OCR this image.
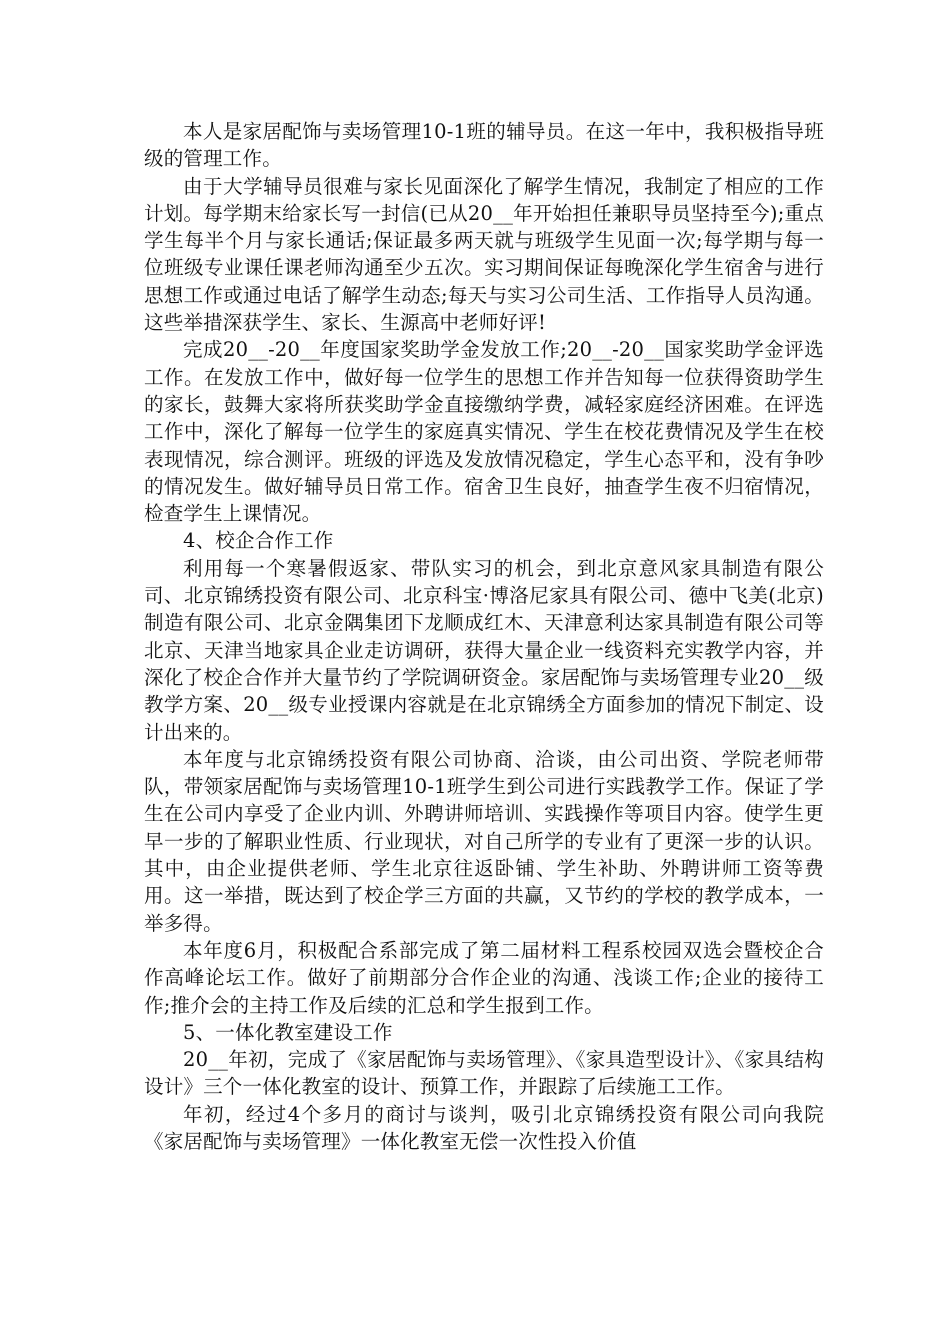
本人是家居配饰与卖场管理10-1班的辅导员。在这一年中，我积极指导班级的管理工作。

由于大学辅导员很难与家长见面深化了解学生情况，我制定了相应的工作计划。每学期末给家长写一封信(已从20__年开始担任兼职导员坚持至今);重点学生每半个月与家长通话;保证最多两天就与班级学生见面一次;每学期与每一位班级专业课任课老师沟通至少五次。实习期间保证每晚深化学生宿舍与进行思想工作或通过电话了解学生动态;每天与实习公司生活、工作指导人员沟通。这些举措深获学生、家长、生源高中老师好评!

完成20__-20__年度国家奖助学金发放工作;20__-20__国家奖助学金评选工作。在发放工作中，做好每一位学生的思想工作并告知每一位获得资助学生的家长，鼓舞大家将所获奖助学金直接缴纳学费，减轻家庭经济困难。在评选工作中，深化了解每一位学生的家庭真实情况、学生在校花费情况及学生在校表现情况，综合测评。班级的评选及发放情况稳定，学生心态平和，没有争吵的情况发生。做好辅导员日常工作。宿舍卫生良好，抽查学生夜不归宿情况，检查学生上课情况。

4、校企合作工作

利用每一个寒暑假返家、带队实习的机会，到北京意风家具制造有限公司、北京锦绣投资有限公司、北京科宝·博洛尼家具有限公司、德中飞美(北京)制造有限公司、北京金隅集团下龙顺成红木、天津意利达家具制造有限公司等北京、天津当地家具企业走访调研，获得大量企业一线资料充实教学内容，并深化了校企合作并大量节约了学院调研资金。家居配饰与卖场管理专业20__级教学方案、20__级专业授课内容就是在北京锦绣全方面参加的情况下制定、设计出来的。

本年度与北京锦绣投资有限公司协商、洽谈，由公司出资、学院老师带队，带领家居配饰与卖场管理10-1班学生到公司进行实践教学工作。保证了学生在公司内享受了企业内训、外聘讲师培训、实践操作等项目内容。使学生更早一步的了解职业性质、行业现状，对自己所学的专业有了更深一步的认识。其中，由企业提供老师、学生北京往返卧铺、学生补助、外聘讲师工资等费用。这一举措，既达到了校企学三方面的共赢，又节约的学校的教学成本，一举多得。

本年度6月，积极配合系部完成了第二届材料工程系校园双选会暨校企合作高峰论坛工作。做好了前期部分合作企业的沟通、浅谈工作;企业的接待工作;推介会的主持工作及后续的汇总和学生报到工作。

5、一体化教室建设工作

20__年初，完成了《家居配饰与卖场管理》、《家具造型设计》、《家具结构设计》三个一体化教室的设计、预算工作，并跟踪了后续施工工作。

年初，经过4个多月的商讨与谈判，吸引北京锦绣投资有限公司向我院《家居配饰与卖场管理》一体化教室无偿一次性投入价值
